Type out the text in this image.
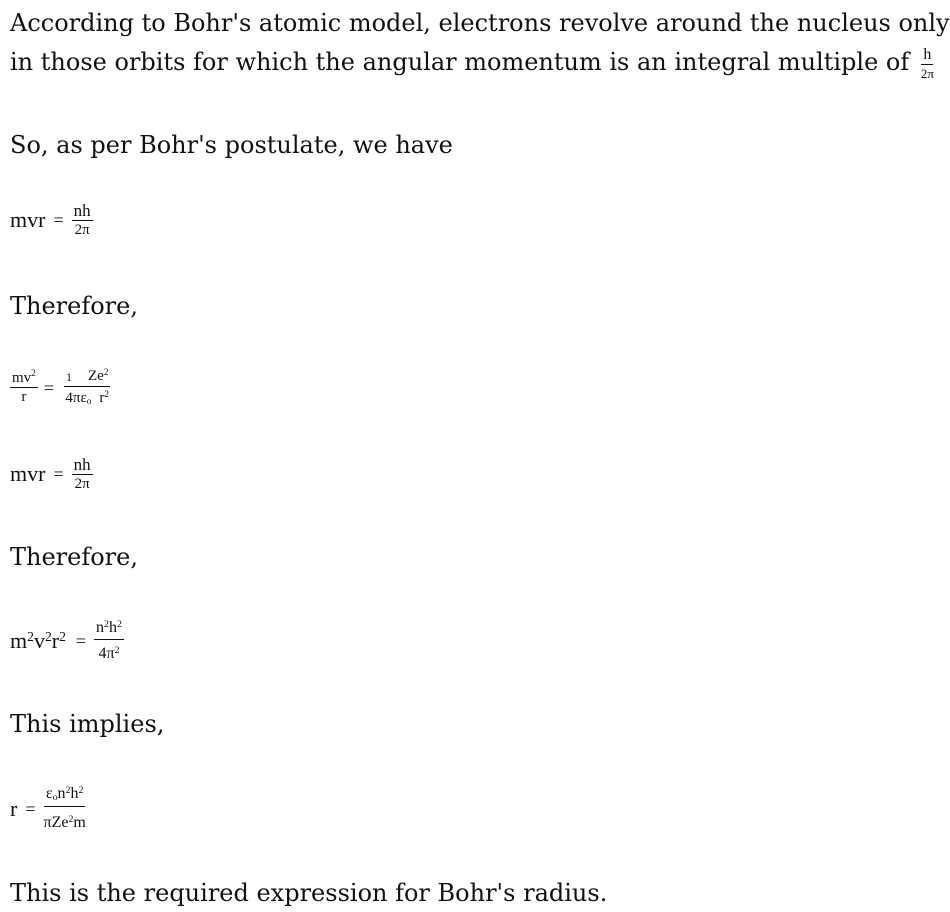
According to Bohr's atomic model, electrons revolve around the nucleus only
in those orbits for which the angular momentum is an integral multiple of $\frac{h}{2\pi}$
So, as per Bohr's postulate, we have
mvr = $\frac{nh}{2\pi}$
Therefore,
$\frac{mv^2}{r} = \frac{1 Ze^2}{4\pi\varepsilon_o r^2}$
mvr = $\frac{nh}{2\pi}$
Therefore,
$m^2v^2r^2 = \frac{n^2h^2}{4\pi^2}$
This implies,
$r = \frac{\varepsilon_on^2h^2}{\pi Ze^2m}$
This is the required expression for Bohr's radius.
